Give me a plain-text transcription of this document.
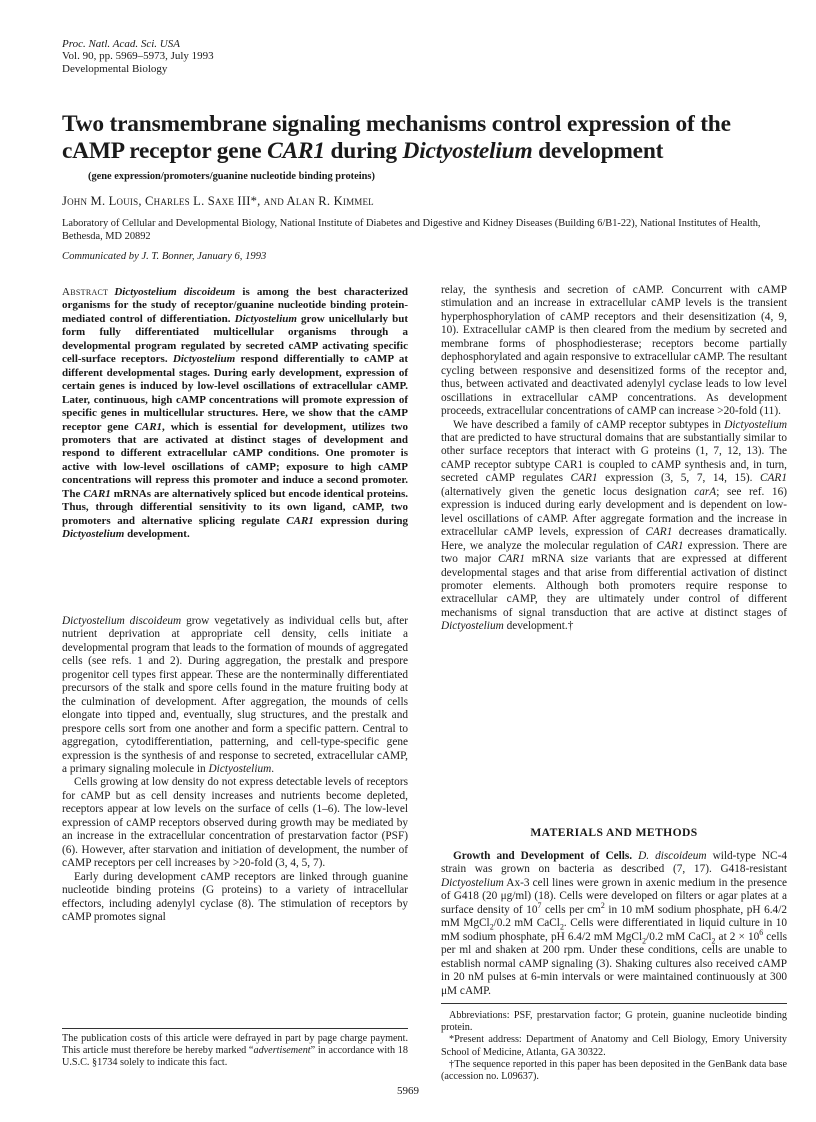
Proc. Natl. Acad. Sci. USA
Vol. 90, pp. 5969–5973, July 1993
Developmental Biology
Two transmembrane signaling mechanisms control expression of the cAMP receptor gene CAR1 during Dictyostelium development
(gene expression/promoters/guanine nucleotide binding proteins)
John M. Louis, Charles L. Saxe III*, and Alan R. Kimmel
Laboratory of Cellular and Developmental Biology, National Institute of Diabetes and Digestive and Kidney Diseases (Building 6/B1-22), National Institutes of Health, Bethesda, MD 20892
Communicated by J. T. Bonner, January 6, 1993
Abstract Dictyostelium discoideum is among the best characterized organisms for the study of receptor/guanine nucleotide binding protein-mediated control of differentiation. Dictyostelium grow unicellularly but form fully differentiated multicellular organisms through a developmental program regulated by secreted cAMP activating specific cell-surface receptors. Dictyostelium respond differentially to cAMP at different developmental stages. During early development, expression of certain genes is induced by low-level oscillations of extracellular cAMP. Later, continuous, high cAMP concentrations will promote expression of specific genes in multicellular structures. Here, we show that the cAMP receptor gene CAR1, which is essential for development, utilizes two promoters that are activated at distinct stages of development and respond to different extracellular cAMP conditions. One promoter is active with low-level oscillations of cAMP; exposure to high cAMP concentrations will repress this promoter and induce a second promoter. The CAR1 mRNAs are alternatively spliced but encode identical proteins. Thus, through differential sensitivity to its own ligand, cAMP, two promoters and alternative splicing regulate CAR1 expression during Dictyostelium development.

Dictyostelium discoideum grow vegetatively as individual cells but, after nutrient deprivation at appropriate cell density, cells initiate a developmental program that leads to the formation of mounds of aggregated cells (see refs. 1 and 2). During aggregation, the prestalk and prespore progenitor cell types first appear. These are the nonterminally differentiated precursors of the stalk and spore cells found in the mature fruiting body at the culmination of development. After aggregation, the mounds of cells elongate into tipped and, eventually, slug structures, and the prestalk and prespore cells sort from one another and form a specific pattern. Central to aggregation, cytodifferentiation, patterning, and cell-type-specific gene expression is the synthesis of and response to secreted, extracellular cAMP, a primary signaling molecule in Dictyostelium.

Cells growing at low density do not express detectable levels of receptors for cAMP but as cell density increases and nutrients become depleted, receptors appear at low levels on the surface of cells (1–6). The low-level expression of cAMP receptors observed during growth may be mediated by an increase in the extracellular concentration of prestarvation factor (PSF) (6). However, after starvation and initiation of development, the number of cAMP receptors per cell increases by >20-fold (3, 4, 5, 7).

Early during development cAMP receptors are linked through guanine nucleotide binding proteins (G proteins) to a variety of intracellular effectors, including adenylyl cyclase (8). The stimulation of receptors by cAMP promotes signal

The publication costs of this article were defrayed in part by page charge payment. This article must therefore be hereby marked “advertisement” in accordance with 18 U.S.C. §1734 solely to indicate this fact.

relay, the synthesis and secretion of cAMP. Concurrent with cAMP stimulation and an increase in extracellular cAMP levels is the transient hyperphosphorylation of cAMP receptors and their desensitization (4, 9, 10). Extracellular cAMP is then cleared from the medium by secreted and membrane forms of phosphodiesterase; receptors become partially dephosphorylated and again responsive to extracellular cAMP. The resultant cycling between responsive and desensitized forms of the receptor and, thus, between activated and deactivated adenylyl cyclase leads to low level oscillations in extracellular cAMP concentrations. As development proceeds, extracellular concentrations of cAMP can increase >20-fold (11).

We have described a family of cAMP receptor subtypes in Dictyostelium that are predicted to have structural domains that are substantially similar to other surface receptors that interact with G proteins (1, 7, 12, 13). The cAMP receptor subtype CAR1 is coupled to cAMP synthesis and, in turn, secreted cAMP regulates CAR1 expression (3, 5, 7, 14, 15). CAR1 (alternatively given the genetic locus designation carA; see ref. 16) expression is induced during early development and is dependent on low-level oscillations of cAMP. After aggregate formation and the increase in extracellular cAMP levels, expression of CAR1 decreases dramatically. Here, we analyze the molecular regulation of CAR1 expression. There are two major CAR1 mRNA size variants that are expressed at different developmental stages and that arise from differential activation of distinct promoter elements. Although both promoters require response to extracellular cAMP, they are ultimately under control of different mechanisms of signal transduction that are active at distinct stages of Dictyostelium development.†

MATERIALS AND METHODS

Growth and Development of Cells. D. discoideum wild-type NC-4 strain was grown on bacteria as described (7, 17). G418-resistant Dictyostelium Ax-3 cell lines were grown in axenic medium in the presence of G418 (20 μg/ml) (18). Cells were developed on filters or agar plates at a surface density of $10^7$ cells per $cm^2$ in 10 mM sodium phosphate, pH 6.4/2 mM MgCl$_2$/0.2 mM CaCl$_2$. Cells were differentiated in liquid culture in 10 mM sodium phosphate, pH 6.4/2 mM MgCl$_2$/0.2 mM CaCl$_2$ at $2 \times 10^6$ cells per ml and shaken at 200 rpm. Under these conditions, cells are unable to establish normal cAMP signaling (3). Shaking cultures also received cAMP in 20 nM pulses at 6-min intervals or were maintained continuously at 300 μM cAMP.

Abbreviations: PSF, prestarvation factor; G protein, guanine nucleotide binding protein.

*Present address: Department of Anatomy and Cell Biology, Emory University School of Medicine, Atlanta, GA 30322.

†The sequence reported in this paper has been deposited in the GenBank data base (accession no. L09637).

5969
